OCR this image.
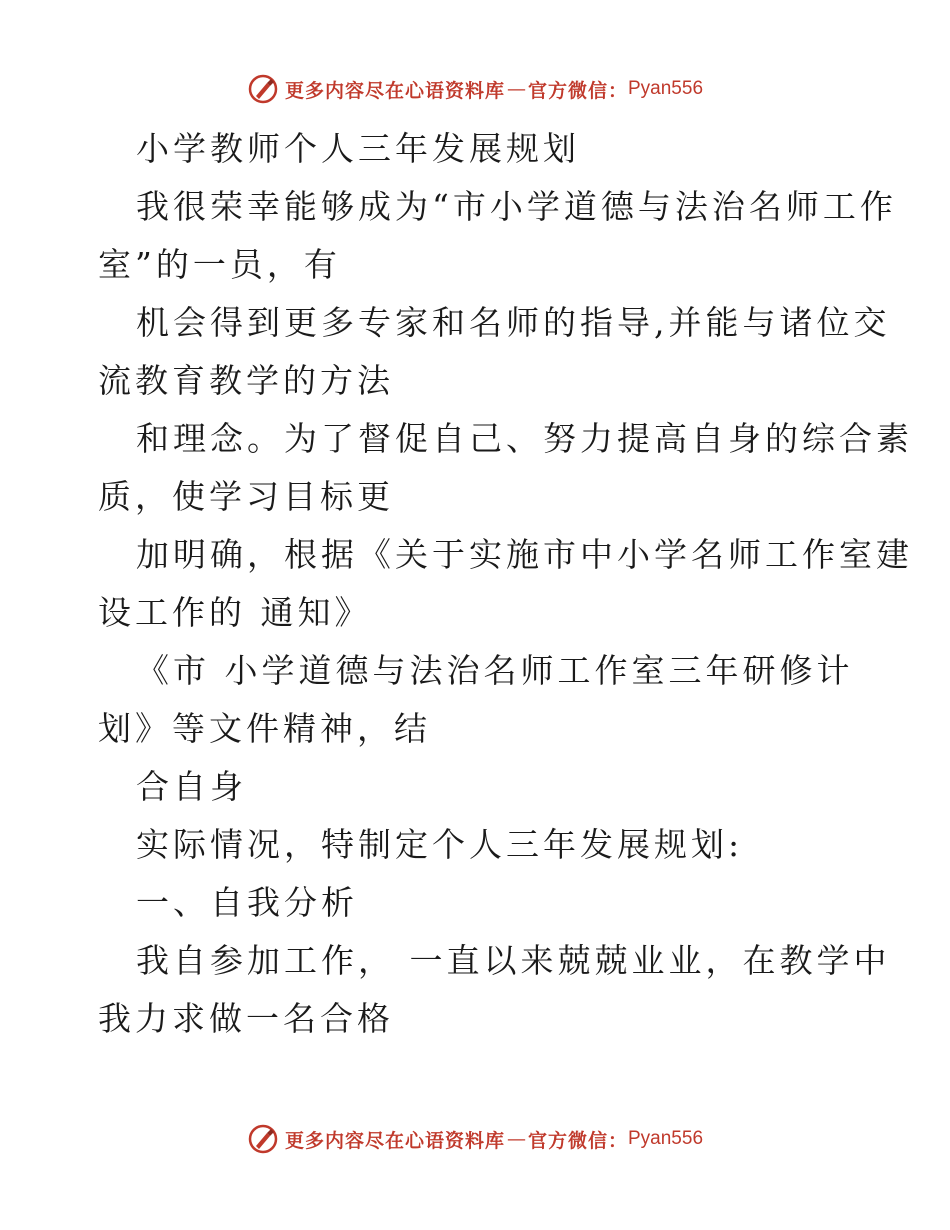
更多内容尽在心语资料库 — 官方微信： Pyan556
小学教师个人三年发展规划
我很荣幸能够成为“市小学道德与法治名师工作
室”的一员，有
机会得到更多专家和名师的指导,并能与诸位交
流教育教学的方法
和理念。为了督促自己、努力提高自身的综合素
质，使学习目标更
加明确，根据《关于实施市中小学名师工作室建
设工作的 通知》
《市 小学道德与法治名师工作室三年研修计
划》等文件精神，结
合自身
实际情况，特制定个人三年发展规划:
一、自我分析
我自参加工作， 一直以来兢兢业业，在教学中
我力求做一名合格
更多内容尽在心语资料库 — 官方微信： Pyan556
